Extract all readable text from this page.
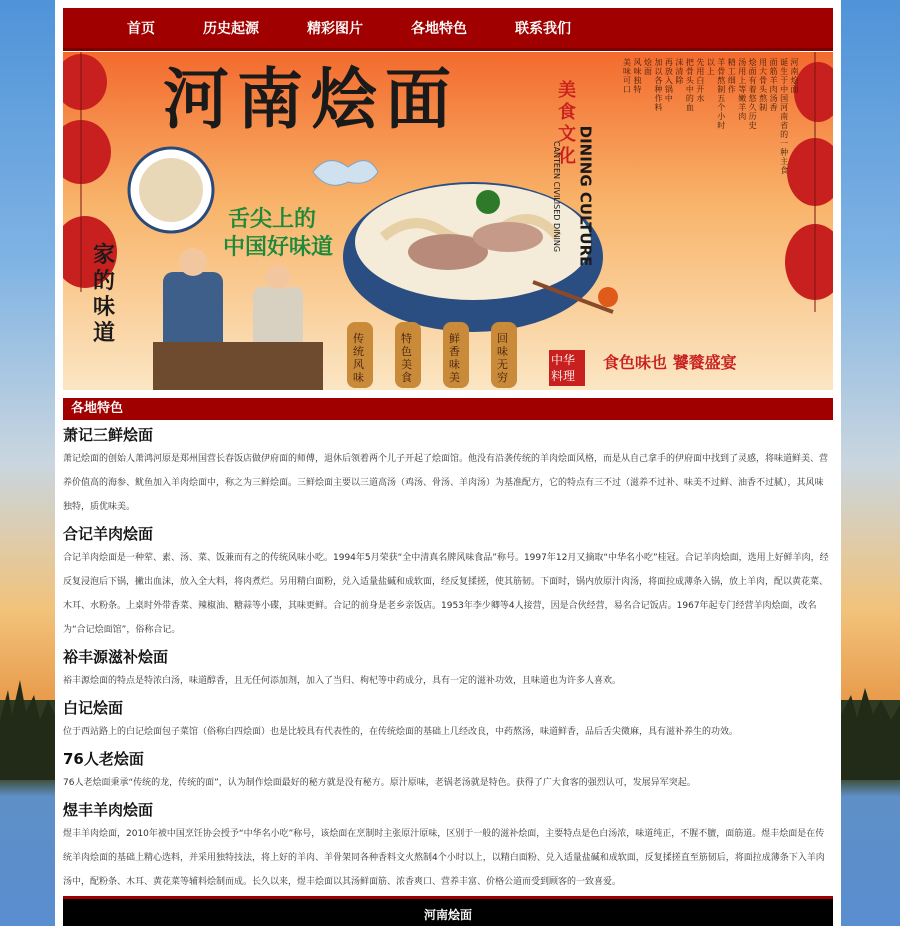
首页	历史起源	精彩图片	各地特色	联系我们
河南烩面
舌尖上的
中国好味道
美食文化
CANTEEN CIVILISED DINING DINING CULTURE
家的味道	传统风味
特色美食
鲜香味美
回味无穷
中华料理
食色味也 饕餮盛宴
河南烩面
诞生于中国河南省的一种主食
面筋羊肉汤香
用大骨头熬制
烩面有着悠久历史
汤用上等嫩羊肉
精工细作
羊骨熬制五个小时
以上
先用白开水
把骨头中的血
沫清除
再放入锅中
加以各种作料
烩面
风味独特
美味可口
各地特色
萧记三鲜烩面

萧记烩面的创始人萧鸿河原是郑州国营长春饭店做伊府面的师傅，退休后领着两个儿子开起了烩面馆。他没有沿袭传统的羊肉烩面风格，而是从自己拿手的伊府面中找到了灵感，将味道鲜美、营养价值高的海参、鱿鱼加入羊肉烩面中，称之为三鲜烩面。三鲜烩面主要以三道高汤（鸡汤、骨汤、羊肉汤）为基准配方，它的特点有三不过（滋养不过补、味美不过鲜、油香不过腻），其风味独特，质优味美。

合记羊肉烩面

合记羊肉烩面是一种荤、素、汤、菜、饭兼而有之的传统风味小吃。1994年5月荣获“全中清真名牌风味食品”称号。1997年12月又摘取“中华名小吃”桂冠。合记羊肉烩面，选用上好鲜羊肉，经反复浸泡后下锅，撇出血沫，放入全大料，将肉煮烂。另用精白面粉，兑入适量盐碱和成软面，经反复揉搓，使其筋韧。下面时，锅内放原汁肉汤，将面拉成薄条入锅，放上羊肉，配以黄花菜、木耳、水粉条。上桌时外带香菜、辣椒油、糖蒜等小碟，其味更鲜。合记的前身是老乡亲饭店。1953年李少卿等4人接营，因是合伙经营，易名合记饭店。1967年起专门经营羊肉烩面，改名为“合记烩面馆”，俗称合记。

裕丰源滋补烩面

裕丰源烩面的特点是特浓白汤，味道醇香，且无任何添加剂，加入了当归、枸杞等中药成分，具有一定的滋补功效，且味道也为许多人喜欢。

白记烩面

位于西站路上的白记烩面包子菜馆（俗称白四烩面）也是比较具有代表性的，在传统烩面的基础上几经改良，中药熬汤，味道鲜香，品后舌尖微麻，具有滋补养生的功效。

76人老烩面

76人老烩面秉承“传统的龙，传统的面”，认为制作烩面最好的秘方就是没有秘方。原汁原味，老锅老汤就是特色。获得了广大食客的强烈认可，发展异军突起。

煜丰羊肉烩面

煜丰羊肉烩面，2010年被中国烹饪协会授予“中华名小吃”称号，该烩面在烹制时主张原汁原味，区别于一般的滋补烩面，主要特点是色白汤浓，味道纯正，不腥不膻，面筋道。煜丰烩面是在传统羊肉烩面的基础上精心选料，并采用独特技法，将上好的羊肉、羊骨架同各种香料文火熬制4个小时以上，以精白面粉、兑入适量盐碱和成软面，反复揉搓直至筋韧后，将面拉成薄条下入羊肉汤中，配粉条、木耳、黄花菜等辅料烩制而成。长久以来，煜丰烩面以其汤鲜面筋、浓香爽口、营养丰富、价格公道而受到顾客的一致喜爱。

河南烩面
